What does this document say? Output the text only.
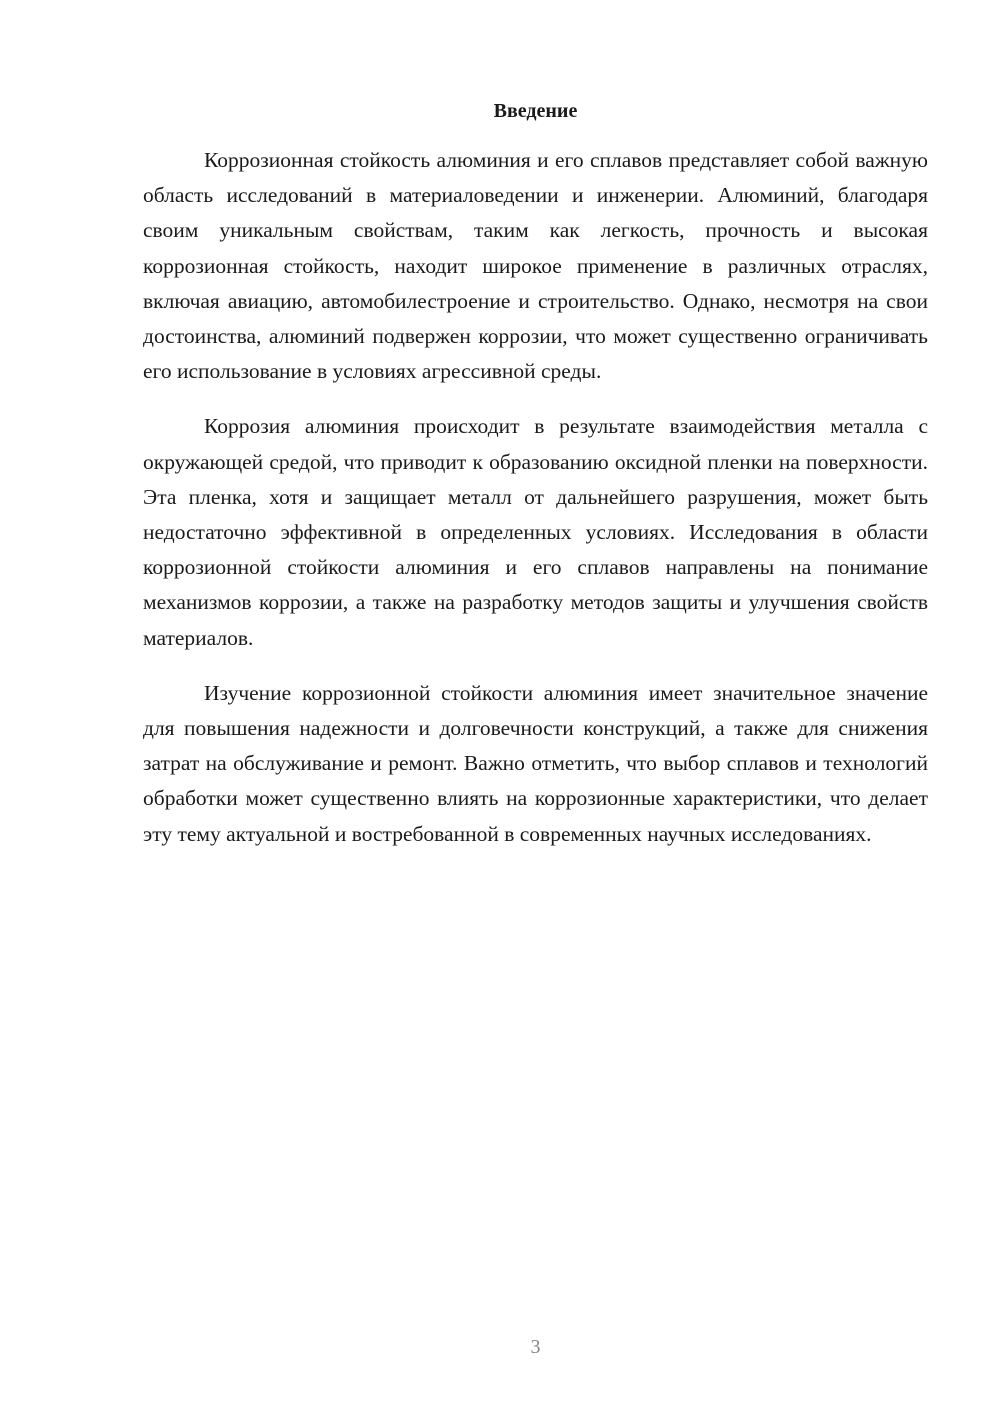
Введение

Коррозионная стойкость алюминия и его сплавов представляет собой важную область исследований в материаловедении и инженерии. Алюминий, благодаря своим уникальным свойствам, таким как легкость, прочность и высокая коррозионная стойкость, находит широкое применение в различных отраслях, включая авиацию, автомобилестроение и строительство. Однако, несмотря на свои достоинства, алюминий подвержен коррозии, что может существенно ограничивать его использование в условиях агрессивной среды.

Коррозия алюминия происходит в результате взаимодействия металла с окружающей средой, что приводит к образованию оксидной пленки на поверхности. Эта пленка, хотя и защищает металл от дальнейшего разрушения, может быть недостаточно эффективной в определенных условиях. Исследования в области коррозионной стойкости алюминия и его сплавов направлены на понимание механизмов коррозии, а также на разработку методов защиты и улучшения свойств материалов.

Изучение коррозионной стойкости алюминия имеет значительное значение для повышения надежности и долговечности конструкций, а также для снижения затрат на обслуживание и ремонт. Важно отметить, что выбор сплавов и технологий обработки может существенно влиять на коррозионные характеристики, что делает эту тему актуальной и востребованной в современных научных исследованиях.

3
